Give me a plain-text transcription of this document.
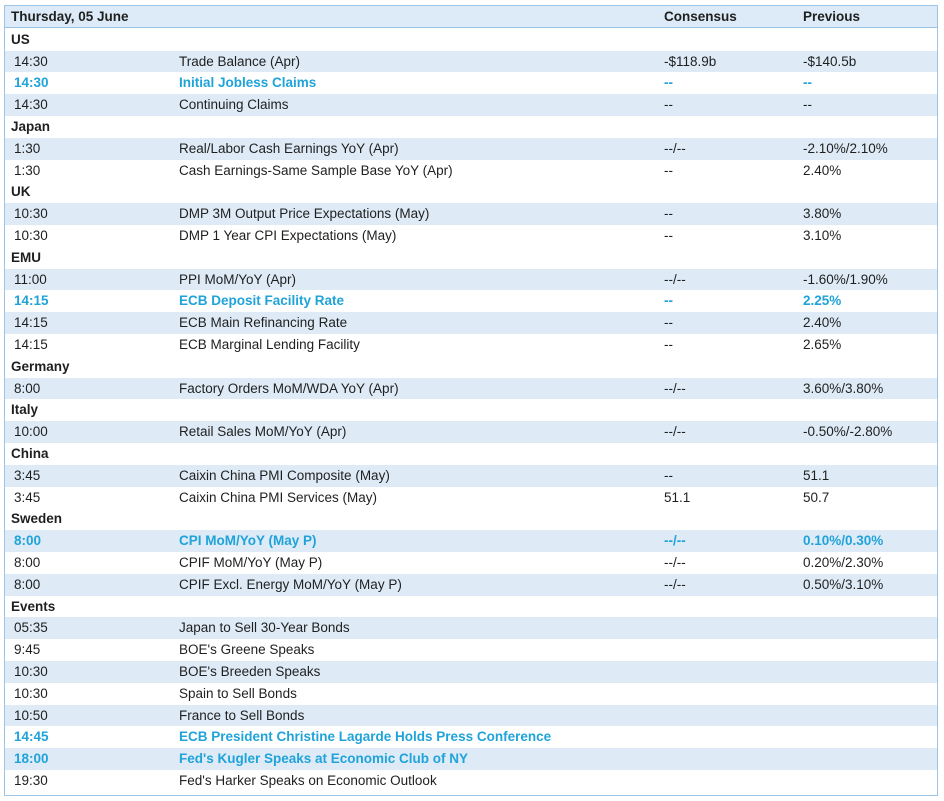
Thursday, 05 June	Consensus	Previous
US
14:30	Trade Balance (Apr)	-$118.9b	-$140.5b
14:30	Initial Jobless Claims	--	--
14:30	Continuing Claims	--	--
Japan
1:30	Real/Labor Cash Earnings YoY (Apr)	--/--	-2.10%/2.10%
1:30	Cash Earnings-Same Sample Base YoY (Apr)	--	2.40%
UK
10:30	DMP 3M Output Price Expectations (May)	--	3.80%
10:30	DMP 1 Year CPI Expectations (May)	--	3.10%
EMU
11:00	PPI MoM/YoY (Apr)	--/--	-1.60%/1.90%
14:15	ECB Deposit Facility Rate	--	2.25%
14:15	ECB Main Refinancing Rate	--	2.40%
14:15	ECB Marginal Lending Facility	--	2.65%
Germany
8:00	Factory Orders MoM/WDA YoY (Apr)	--/--	3.60%/3.80%
Italy
10:00	Retail Sales MoM/YoY (Apr)	--/--	-0.50%/-2.80%
China
3:45	Caixin China PMI Composite (May)	--	51.1
3:45	Caixin China PMI Services (May)	51.1	50.7
Sweden
8:00	CPI MoM/YoY (May P)	--/--	0.10%/0.30%
8:00	CPIF MoM/YoY (May P)	--/--	0.20%/2.30%
8:00	CPIF Excl. Energy MoM/YoY (May P)	--/--	0.50%/3.10%
Events
05:35	Japan to Sell 30-Year Bonds
9:45	BOE's Greene Speaks
10:30	BOE's Breeden Speaks
10:30	Spain to Sell Bonds
10:50	France to Sell Bonds
14:45	ECB President Christine Lagarde Holds Press Conference
18:00	Fed's Kugler Speaks at Economic Club of NY
19:30	Fed's Harker Speaks on Economic Outlook
